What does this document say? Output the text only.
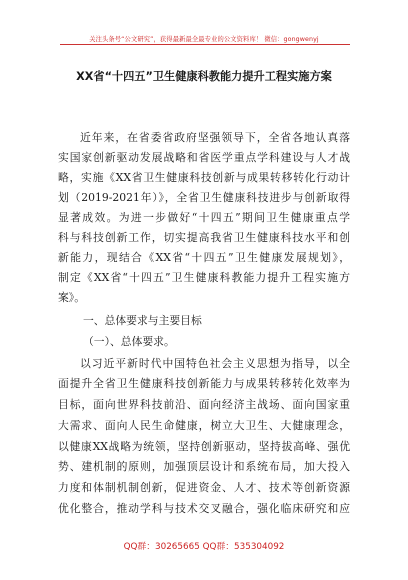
关注头条号“公文研究”，获得最新最全最专业的公文资料库！ 微信：gongwenyj
XX省“十四五”卫生健康科教能力提升工程实施方案
近年来，在省委省政府坚强领导下，全省各地认真落
实国家创新驱动发展战略和省医学重点学科建设与人才战
略，实施《XX省卫生健康科技创新与成果转移转化行动计
划（2019-2021年）》，全省卫生健康科技进步与创新取得
显著成效。为进一步做好“十四五”期间卫生健康重点学
科与科技创新工作，切实提高我省卫生健康科技水平和创
新能力，现结合《XX省“十四五”卫生健康发展规划》，
制定《XX省“十四五”卫生健康科教能力提升工程实施方
案》。
一、总体要求与主要目标
（一）、总体要求。
以习近平新时代中国特色社会主义思想为指导，以全
面提升全省卫生健康科技创新能力与成果转移转化效率为
目标，面向世界科技前沿、面向经济主战场、面向国家重
大需求、面向人民生命健康，树立大卫生、大健康理念，
以健康XX战略为统领，坚持创新驱动，坚持拔高峰、强优
势、建机制的原则，加强顶层设计和系统布局，加大投入
力度和体制机制创新，促进资金、人才、技术等创新资源
优化整合，推动学科与技术交叉融合，强化临床研究和应
QQ群：30265665 QQ群：535304092
